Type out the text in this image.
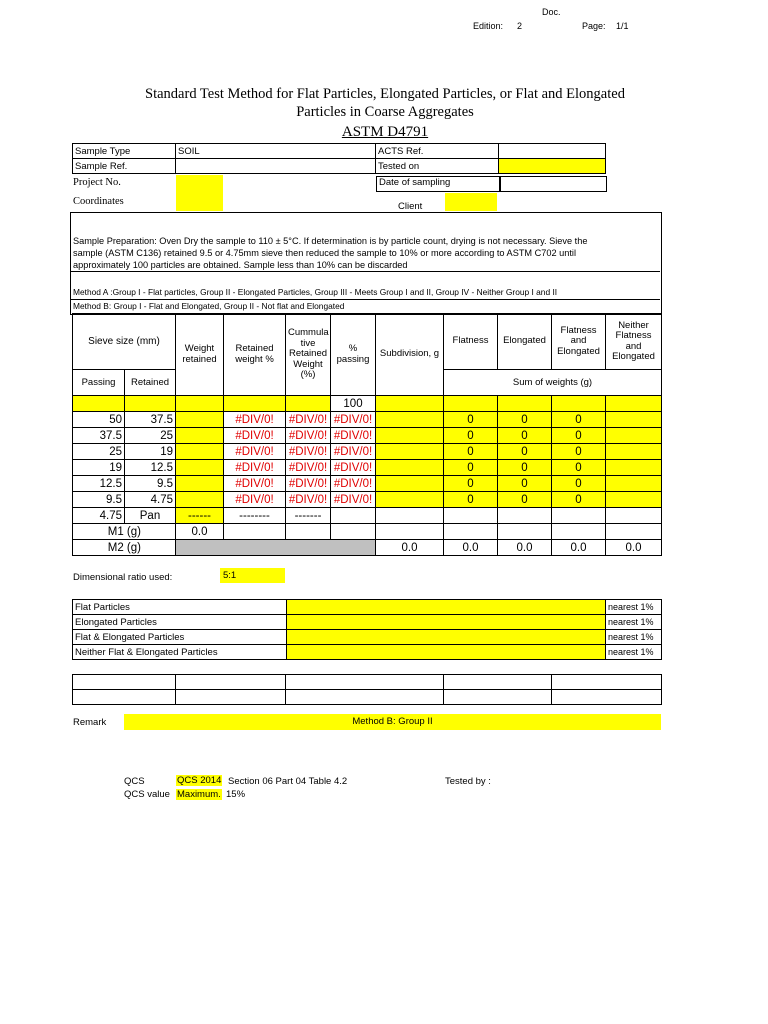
Doc.
Edition: 2	Page: 1/1
Standard Test Method for Flat Particles, Elongated Particles, or Flat and Elongated
Particles in Coarse Aggregates
ASTM D4791
Sample Type	SOIL	ACTS Ref.	
Sample Ref.		Tested on	
Project No.	Date of sampling
Coordinates	Client
Sample Preparation: Oven Dry the sample to 110 ± 5°C. If determination is by particle count, drying is not necessary. Sieve the
sample (ASTM C136) retained 9.5 or 4.75mm sieve then reduced the sample to 10% or more according to ASTM C702 until
approximately 100 particles are obtained. Sample less than 10% can be discarded
Method A :Group I - Flat particles, Group II - Elongated Particles, Group III - Meets Group I and II, Group IV - Neither Group I and II
Method B: Group I - Flat and Elongated, Group II - Not flat and Elongated
Sieve size (mm)		Weight retained	Retained weight %	Cummula tive Retained Weight (%)	% passing	Subdivision, g	Flatness	Elongated	Flatness and Elongated	Neither Flatness and Elongated
Passing	Retained						Sum of weights (g)			
					100					
50	37.5		#DIV/0!	#DIV/0!	#DIV/0!		0	0	0	
37.5	25		#DIV/0!	#DIV/0!	#DIV/0!		0	0	0	
25	19		#DIV/0!	#DIV/0!	#DIV/0!		0	0	0	
19	12.5		#DIV/0!	#DIV/0!	#DIV/0!		0	0	0	
12.5	9.5		#DIV/0!	#DIV/0!	#DIV/0!		0	0	0	
9.5	4.75		#DIV/0!	#DIV/0!	#DIV/0!		0	0	0	
4.75	Pan	------	--------	-------						
M1 (g)		0.0								
M2 (g)						0.0	0.0	0.0	0.0	0.0
Dimensional ratio used:	5:1
Flat Particles		nearest 1%
Elongated Particles		nearest 1%
Flat & Elongated Particles		nearest 1%
Neither Flat & Elongated Particles		nearest 1%

Remark	Method B: Group II
QCS	QCS 2014 Section 06 Part 04 Table 4.2	Tested by :
QCS value Maximum. 15%
